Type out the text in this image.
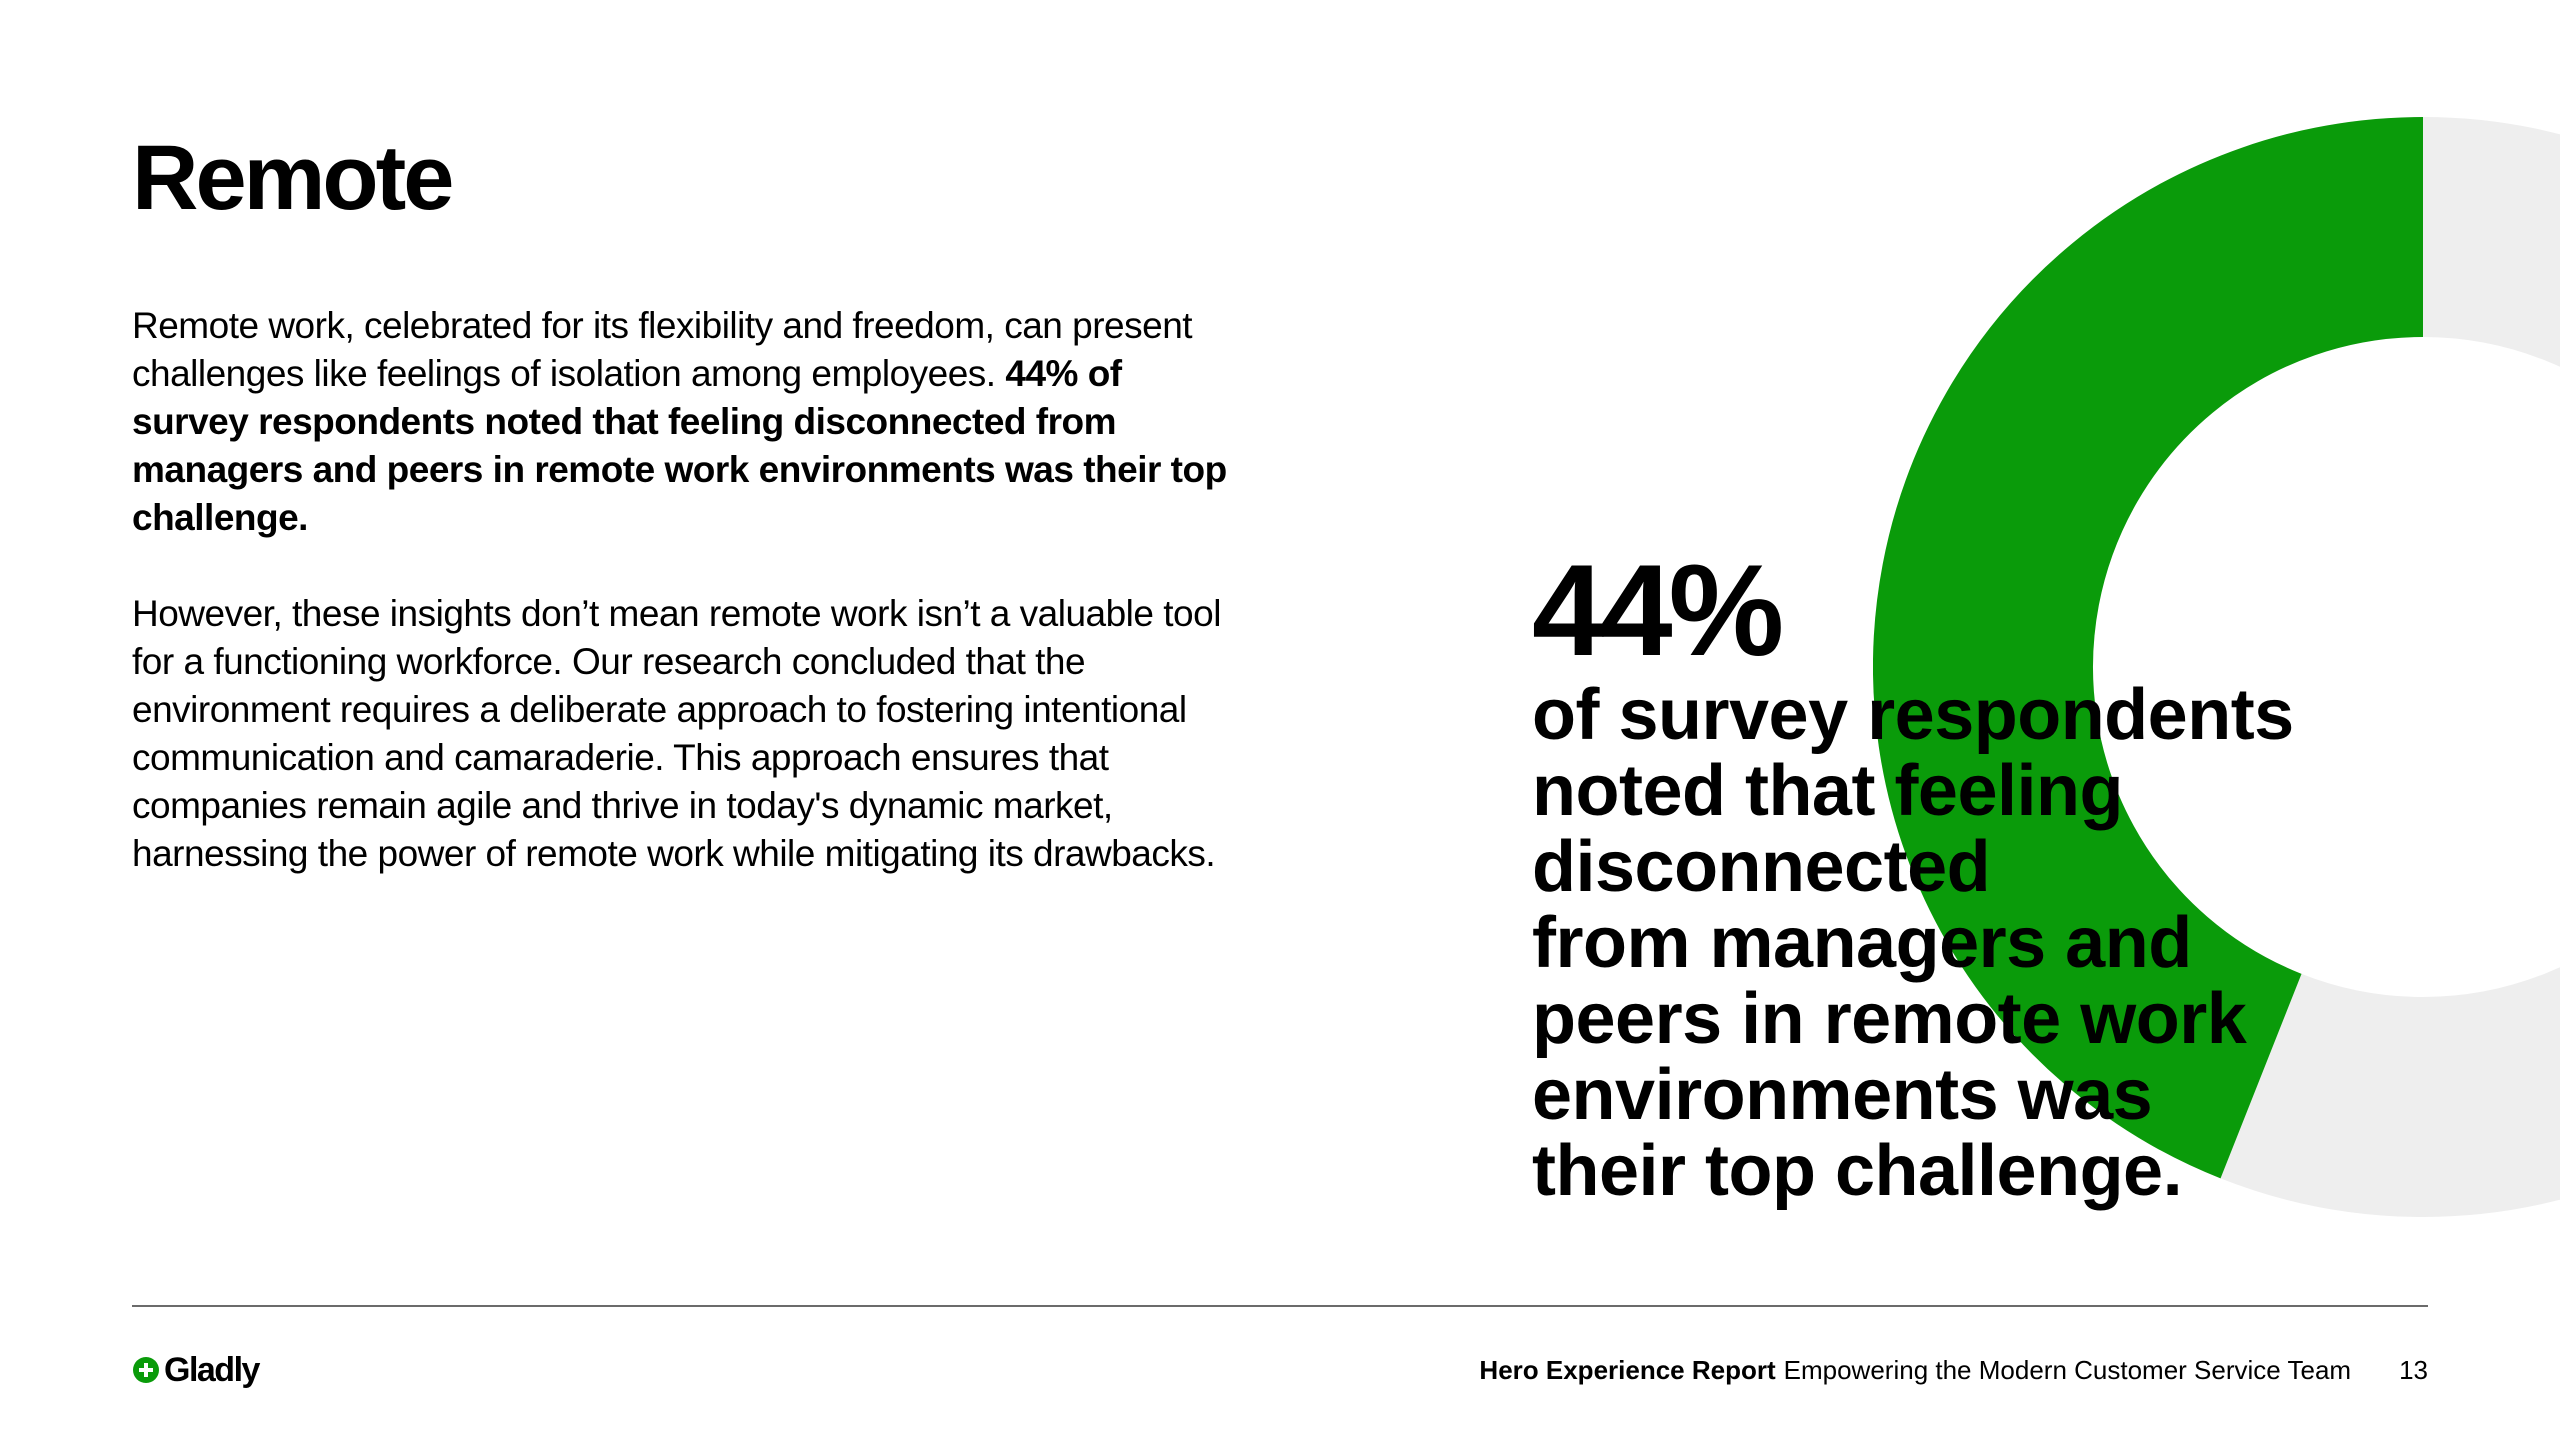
Remote

Remote work, celebrated for its flexibility and freedom, can present challenges like feelings of isolation among employees. 44% of survey respondents noted that feeling disconnected from managers and peers in remote work environments was their top challenge.

However, these insights don’t mean remote work isn’t a valuable tool for a functioning workforce. Our research concluded that the environment requires a deliberate approach to fostering intentional communication and camaraderie. This approach ensures that companies remain agile and thrive in today's dynamic market, harnessing the power of remote work while mitigating its drawbacks.

44%
of survey respondents
noted that feeling
disconnected
from managers and
peers in remote work
environments was
their top challenge.
Gladly	Hero Experience Report Empowering the Modern Customer Service Team 13
